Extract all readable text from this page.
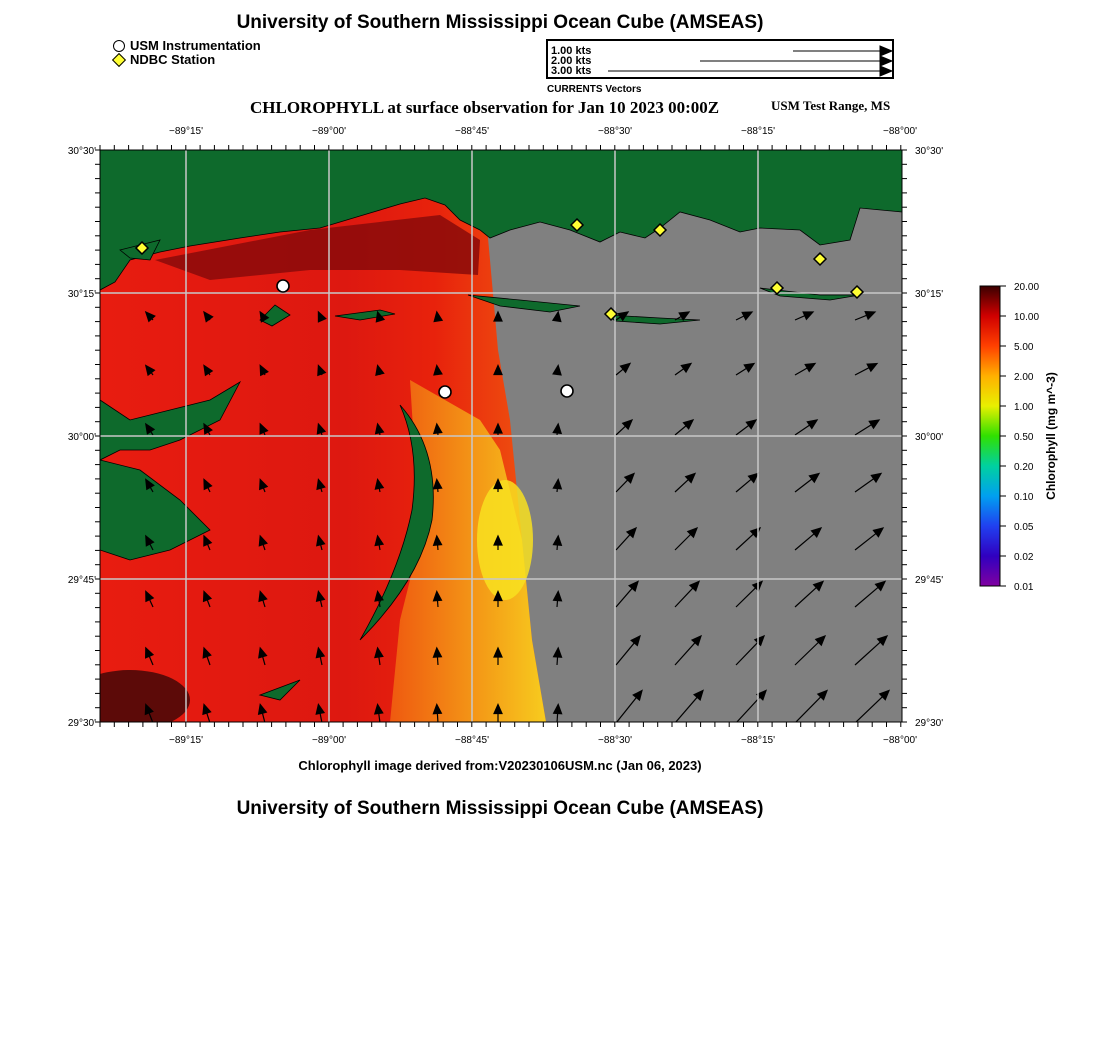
University of Southern Mississippi Ocean Cube (AMSEAS)
USM Instrumentation
NDBC Station
1.00 kts
2.00 kts
3.00 kts
CURRENTS Vectors
CHLOROPHYLL at surface observation for Jan 10 2023 00:00Z	USM Test Range, MS
−89°15'	−89°00'	−88°45'	−88°30'	−88°15'	−88°00'
−89°15'	−89°00'	−88°45'	−88°30'	−88°15'	−88°00'
30°30'
30°15'
30°00'
29°45'
29°30'
30°30'
30°15'
30°00'
29°45'
29°30'
20.00
10.00
5.00
2.00
1.00
0.50
0.20
0.10
0.05
0.02
0.01
Chlorophyll (mg m^-3)
Chlorophyll image derived from:V20230106USM.nc (Jan 06, 2023)
University of Southern Mississippi Ocean Cube (AMSEAS)
